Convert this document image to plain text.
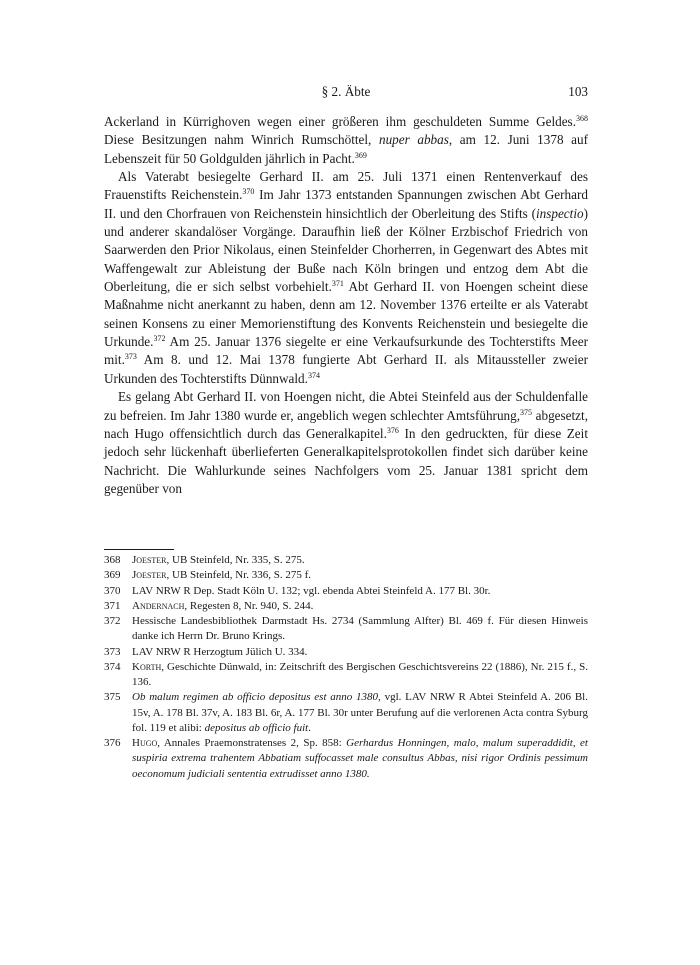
§ 2. Äbte	103

Ackerland in Kürrighoven wegen einer größeren ihm geschuldeten Summe Geldes.$^{368}$ Diese Besitzungen nahm Winrich Rumschöttel, nuper abbas, am 12. Juni 1378 auf Lebenszeit für 50 Goldgulden jährlich in Pacht.$^{369}$

Als Vaterabt besiegelte Gerhard II. am 25. Juli 1371 einen Rentenverkauf des Frauenstifts Reichenstein.$^{370}$ Im Jahr 1373 entstanden Spannungen zwischen Abt Gerhard II. und den Chorfrauen von Reichenstein hinsichtlich der Oberleitung des Stifts (inspectio) und anderer skandalöser Vorgänge. Daraufhin ließ der Kölner Erzbischof Friedrich von Saarwerden den Prior Nikolaus, einen Steinfelder Chorherren, in Gegenwart des Abtes mit Waffengewalt zur Ableistung der Buße nach Köln bringen und entzog dem Abt die Oberleitung, die er sich selbst vorbehielt.$^{371}$ Abt Gerhard II. von Hoengen scheint diese Maßnahme nicht anerkannt zu haben, denn am 12. November 1376 erteilte er als Vaterabt seinen Konsens zu einer Memorienstiftung des Konvents Reichenstein und besiegelte die Urkunde.$^{372}$ Am 25. Januar 1376 siegelte er eine Verkaufsurkunde des Tochterstifts Meer mit.$^{373}$ Am 8. und 12. Mai 1378 fungierte Abt Gerhard II. als Mitaussteller zweier Urkunden des Tochterstifts Dünnwald.$^{374}$

Es gelang Abt Gerhard II. von Hoengen nicht, die Abtei Steinfeld aus der Schuldenfalle zu befreien. Im Jahr 1380 wurde er, angeblich wegen schlechter Amtsführung,$^{375}$ abgesetzt, nach Hugo offensichtlich durch das Generalkapitel.$^{376}$ In den gedruckten, für diese Zeit jedoch sehr lückenhaft überlieferten Generalkapitelsprotokollen findet sich darüber keine Nachricht. Die Wahlurkunde seines Nachfolgers vom 25. Januar 1381 spricht dem gegenüber von

368	Joester, UB Steinfeld, Nr. 335, S. 275.
369	Joester, UB Steinfeld, Nr. 336, S. 275 f.
370	LAV NRW R Dep. Stadt Köln U. 132; vgl. ebenda Abtei Steinfeld A. 177 Bl. 30r.
371	Andernach, Regesten 8, Nr. 940, S. 244.
372	Hessische Landesbibliothek Darmstadt Hs. 2734 (Sammlung Alfter) Bl. 469 f. Für diesen Hinweis danke ich Herrn Dr. Bruno Krings.
373	LAV NRW R Herzogtum Jülich U. 334.
374	Korth, Geschichte Dünwald, in: Zeitschrift des Bergischen Geschichtsvereins 22 (1886), Nr. 215 f., S. 136.
375	Ob malum regimen ab officio depositus est anno 1380, vgl. LAV NRW R Abtei Steinfeld A. 206 Bl. 15v, A. 178 Bl. 37v, A. 183 Bl. 6r, A. 177 Bl. 30r unter Berufung auf die verlorenen Acta contra Syburg fol. 119 et alibi: depositus ab officio fuit.
376	Hugo, Annales Praemonstratenses 2, Sp. 858: Gerhardus Honningen, malo, malum superaddidit, et suspiria extrema trahentem Abbatiam suffocasset male consultus Abbas, nisi rigor Ordinis pessimum oeconomum judiciali sententia extrudisset anno 1380.
